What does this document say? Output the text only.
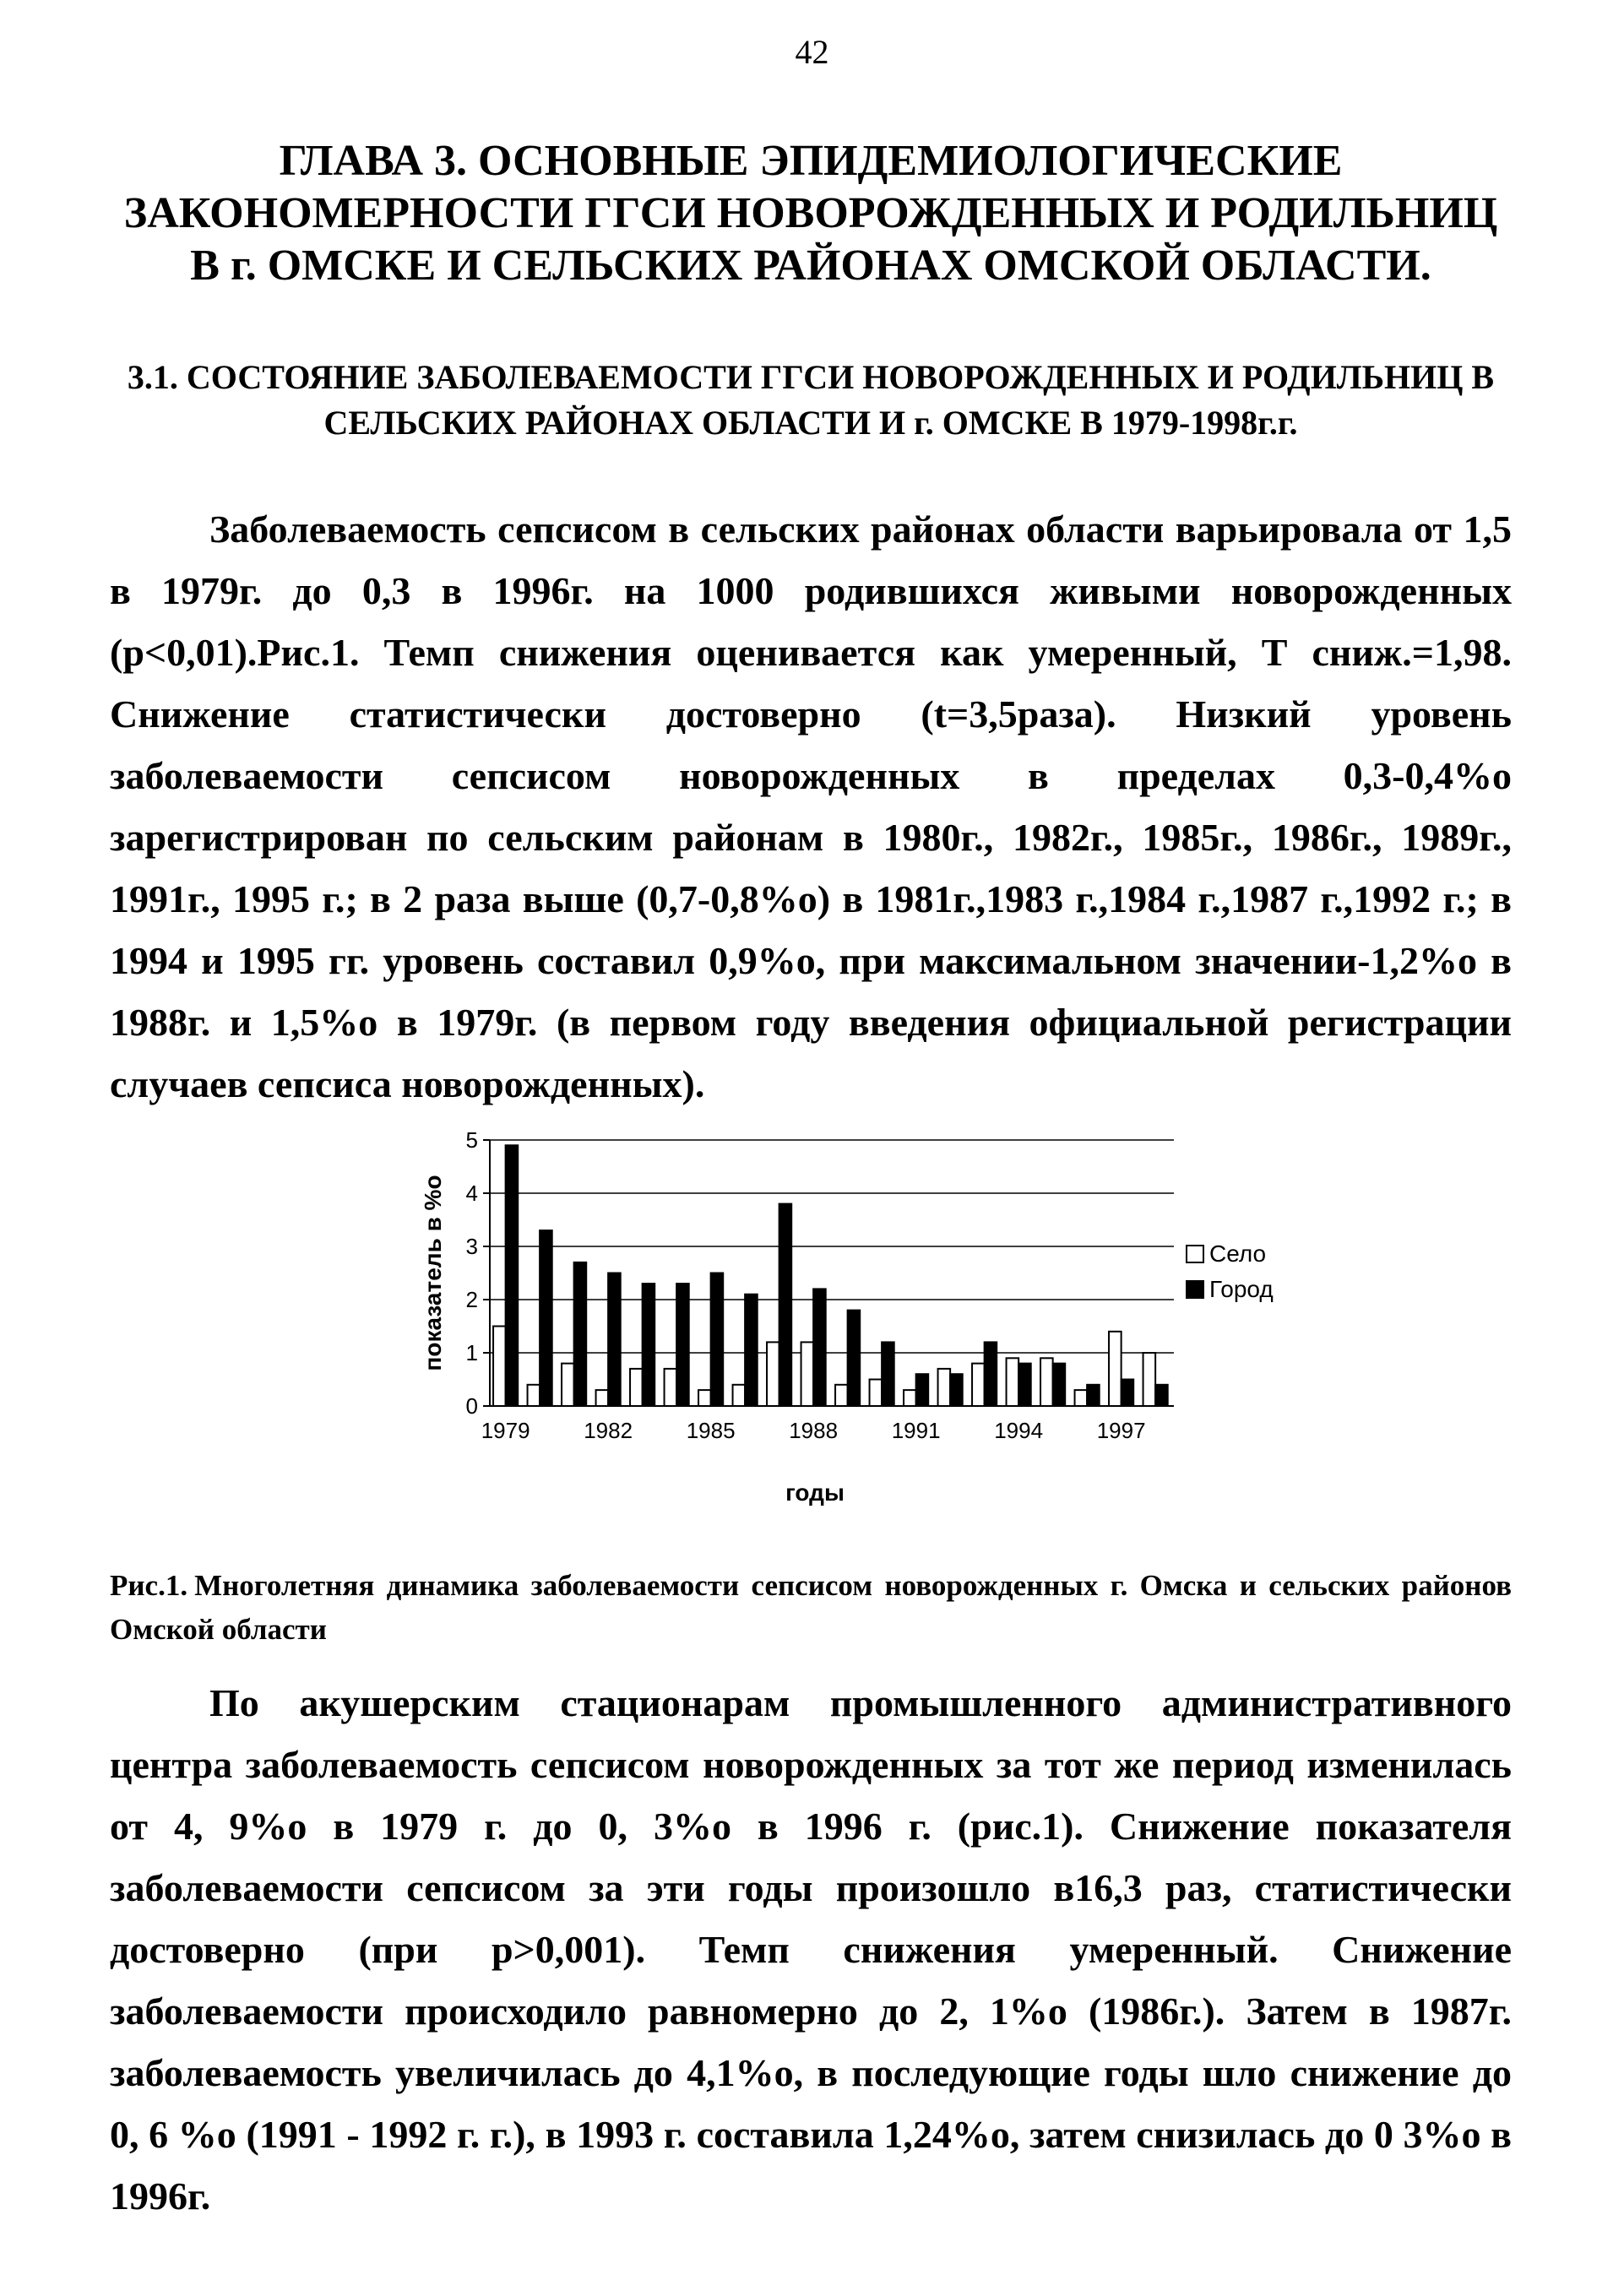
42
ГЛАВА 3. ОСНОВНЫЕ ЭПИДЕМИОЛОГИЧЕСКИЕ ЗАКОНОМЕРНОСТИ ГГСИ НОВОРОЖДЕННЫХ И РОДИЛЬНИЦ В г. ОМСКЕ И СЕЛЬСКИХ РАЙОНАХ ОМСКОЙ ОБЛАСТИ.
3.1. СОСТОЯНИЕ ЗАБОЛЕВАЕМОСТИ ГГСИ НОВОРОЖДЕННЫХ И РОДИЛЬНИЦ В СЕЛЬСКИХ РАЙОНАХ ОБЛАСТИ И г. ОМСКЕ В 1979-1998г.г.

Заболеваемость сепсисом в сельских районах области варьировала от 1,5 в 1979г. до 0,3 в 1996г. на 1000 родившихся живыми новорожденных (р<0,01).Рис.1. Темп снижения оценивается как умеренный, Т сниж.=1,98. Снижение статистически достоверно (t=3,5раза). Низкий уровень заболеваемости сепсисом новорожденных в пределах 0,3-0,4%о зарегистрирован по сельским районам в 1980г., 1982г., 1985г., 1986г., 1989г., 1991г., 1995 г.; в 2 раза выше (0,7-0,8%о) в 1981г.,1983 г.,1984 г.,1987 г.,1992 г.; в 1994 и 1995 гг. уровень составил 0,9%о, при максимальном значении-1,2%о в 1988г. и 1,5%о в 1979г. (в первом году введения официальной регистрации случаев сепсиса новорожденных).

0
1
2
3
4
5
1979 1982 1985 1988 1991 1994 1997
годы
показатель в %о	Село
Город
Рис.1. Многолетняя динамика заболеваемости сепсисом новорожденных г. Омска и сельских районов Омской области

По акушерским стационарам промышленного административного центра заболеваемость сепсисом новорожденных за тот же период изменилась от 4, 9%о в 1979 г. до 0, 3%о в 1996 г. (рис.1). Снижение показателя заболеваемости сепсисом за эти годы произошло в16,3 раз, статистически достоверно (при р>0,001). Темп снижения умеренный. Снижение заболеваемости происходило равномерно до 2, 1%о (1986г.). Затем в 1987г. заболеваемость увеличилась до 4,1%о, в последующие годы шло снижение до 0, 6 %о (1991 - 1992 г. г.), в 1993 г. составила 1,24%о, затем снизилась до 0 3%о в 1996г.
